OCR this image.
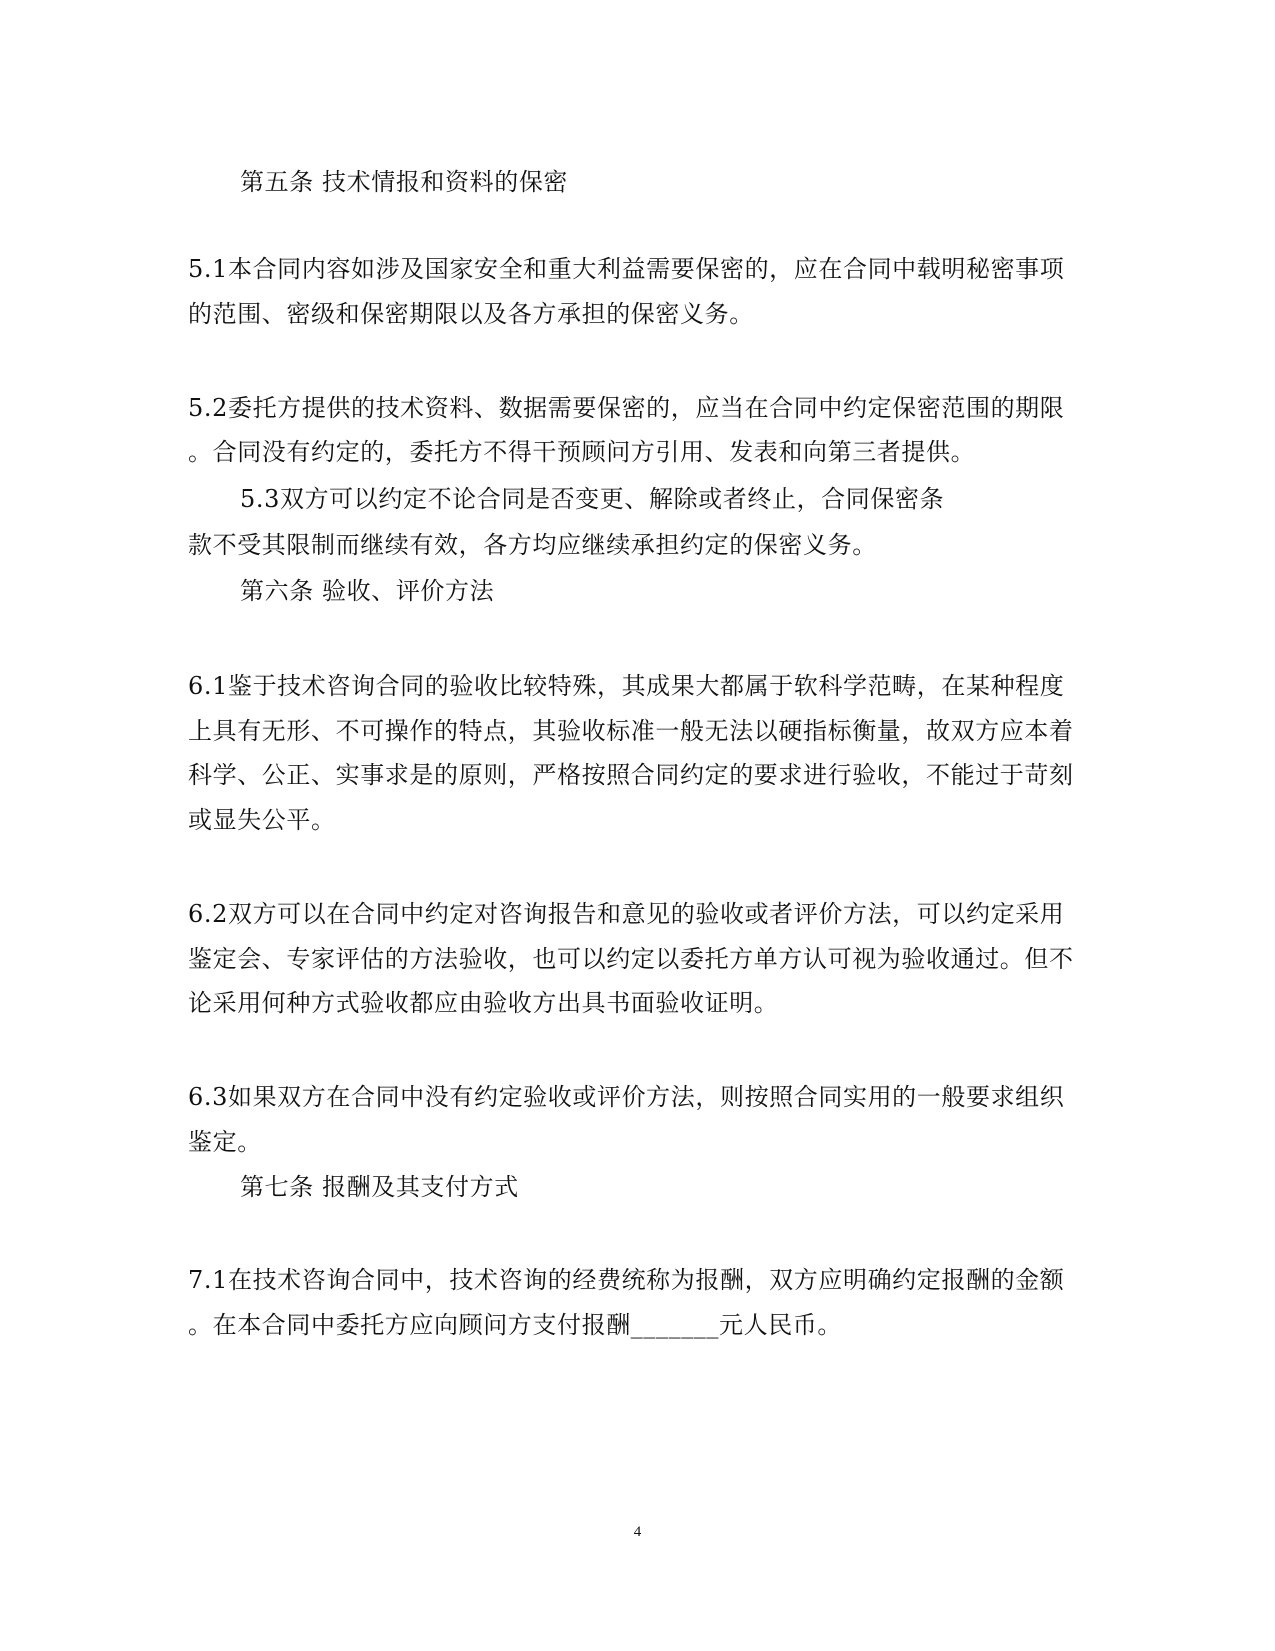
第五条 技术情报和资料的保密
5.1本合同内容如涉及国家安全和重大利益需要保密的，应在合同中载明秘密事项
的范围、密级和保密期限以及各方承担的保密义务。
5.2委托方提供的技术资料、数据需要保密的，应当在合同中约定保密范围的期限
。合同没有约定的，委托方不得干预顾问方引用、发表和向第三者提供。
5.3双方可以约定不论合同是否变更、解除或者终止，合同保密条
款不受其限制而继续有效，各方均应继续承担约定的保密义务。
第六条 验收、评价方法
6.1鉴于技术咨询合同的验收比较特殊，其成果大都属于软科学范畴，在某种程度
上具有无形、不可操作的特点，其验收标准一般无法以硬指标衡量，故双方应本着
科学、公正、实事求是的原则，严格按照合同约定的要求进行验收，不能过于苛刻
或显失公平。
6.2双方可以在合同中约定对咨询报告和意见的验收或者评价方法，可以约定采用
鉴定会、专家评估的方法验收，也可以约定以委托方单方认可视为验收通过。但不
论采用何种方式验收都应由验收方出具书面验收证明。
6.3如果双方在合同中没有约定验收或评价方法，则按照合同实用的一般要求组织
鉴定。
第七条 报酬及其支付方式
7.1在技术咨询合同中，技术咨询的经费统称为报酬，双方应明确约定报酬的金额
。在本合同中委托方应向顾问方支付报酬_______元人民币。
4
